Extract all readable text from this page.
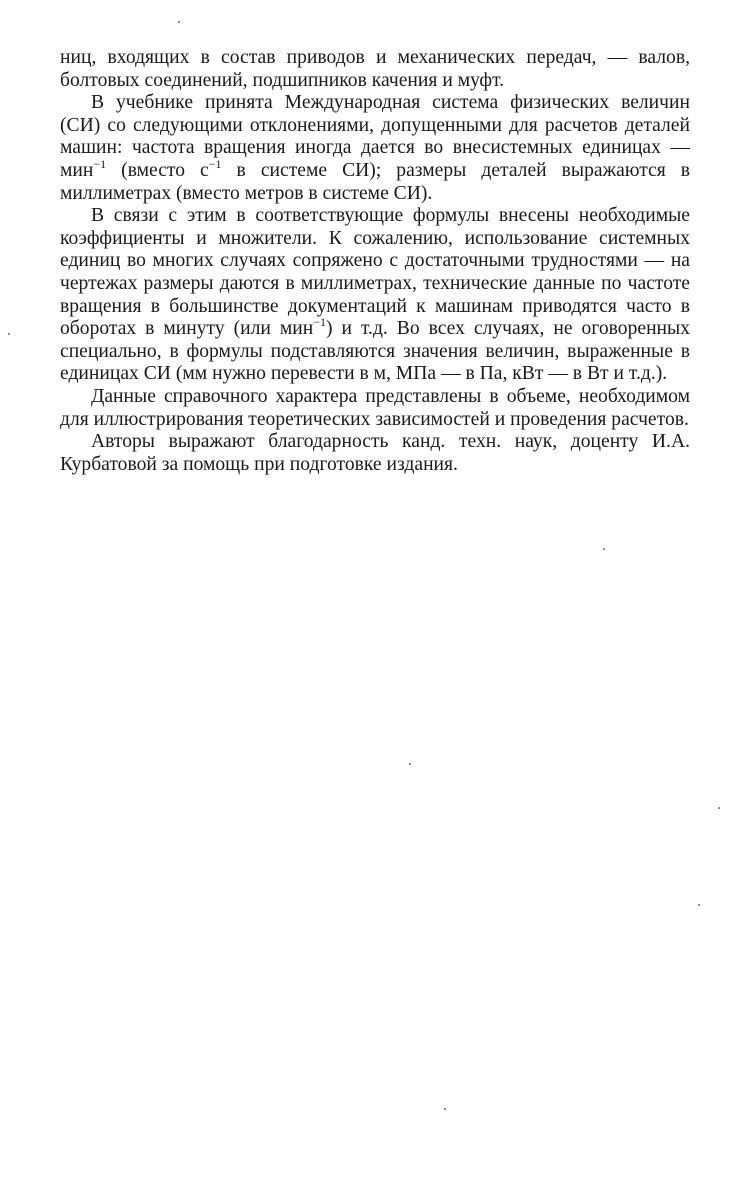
ниц, входящих в состав приводов и механических передач, — валов, болтовых соединений, подшипников качения и муфт.

В учебнике принята Международная система физических величин (СИ) со следующими отклонениями, допущенными для расчетов деталей машин: частота вращения иногда дается во внесистемных единицах — мин$^{-1}$ (вместо $с^{-1}$ в системе СИ); размеры деталей выражаются в миллиметрах (вместо метров в системе СИ).

В связи с этим в соответствующие формулы внесены необходимые коэффициенты и множители. К сожалению, использование системных единиц во многих случаях сопряжено с достаточными трудностями — на чертежах размеры даются в миллиметрах, технические данные по частоте вращения в большинстве документаций к машинам приводятся часто в оборотах в минуту (или мин$^{-1}$) и т.д. Во всех случаях, не оговоренных специально, в формулы подставляются значения величин, выраженные в единицах СИ (мм нужно перевести в м, МПа — в Па, кВт — в Вт и т.д.).

Данные справочного характера представлены в объеме, необходимом для иллюстрирования теоретических зависимостей и проведения расчетов.

Авторы выражают благодарность канд. техн. наук, доценту И.А. Курбатовой за помощь при подготовке издания.
